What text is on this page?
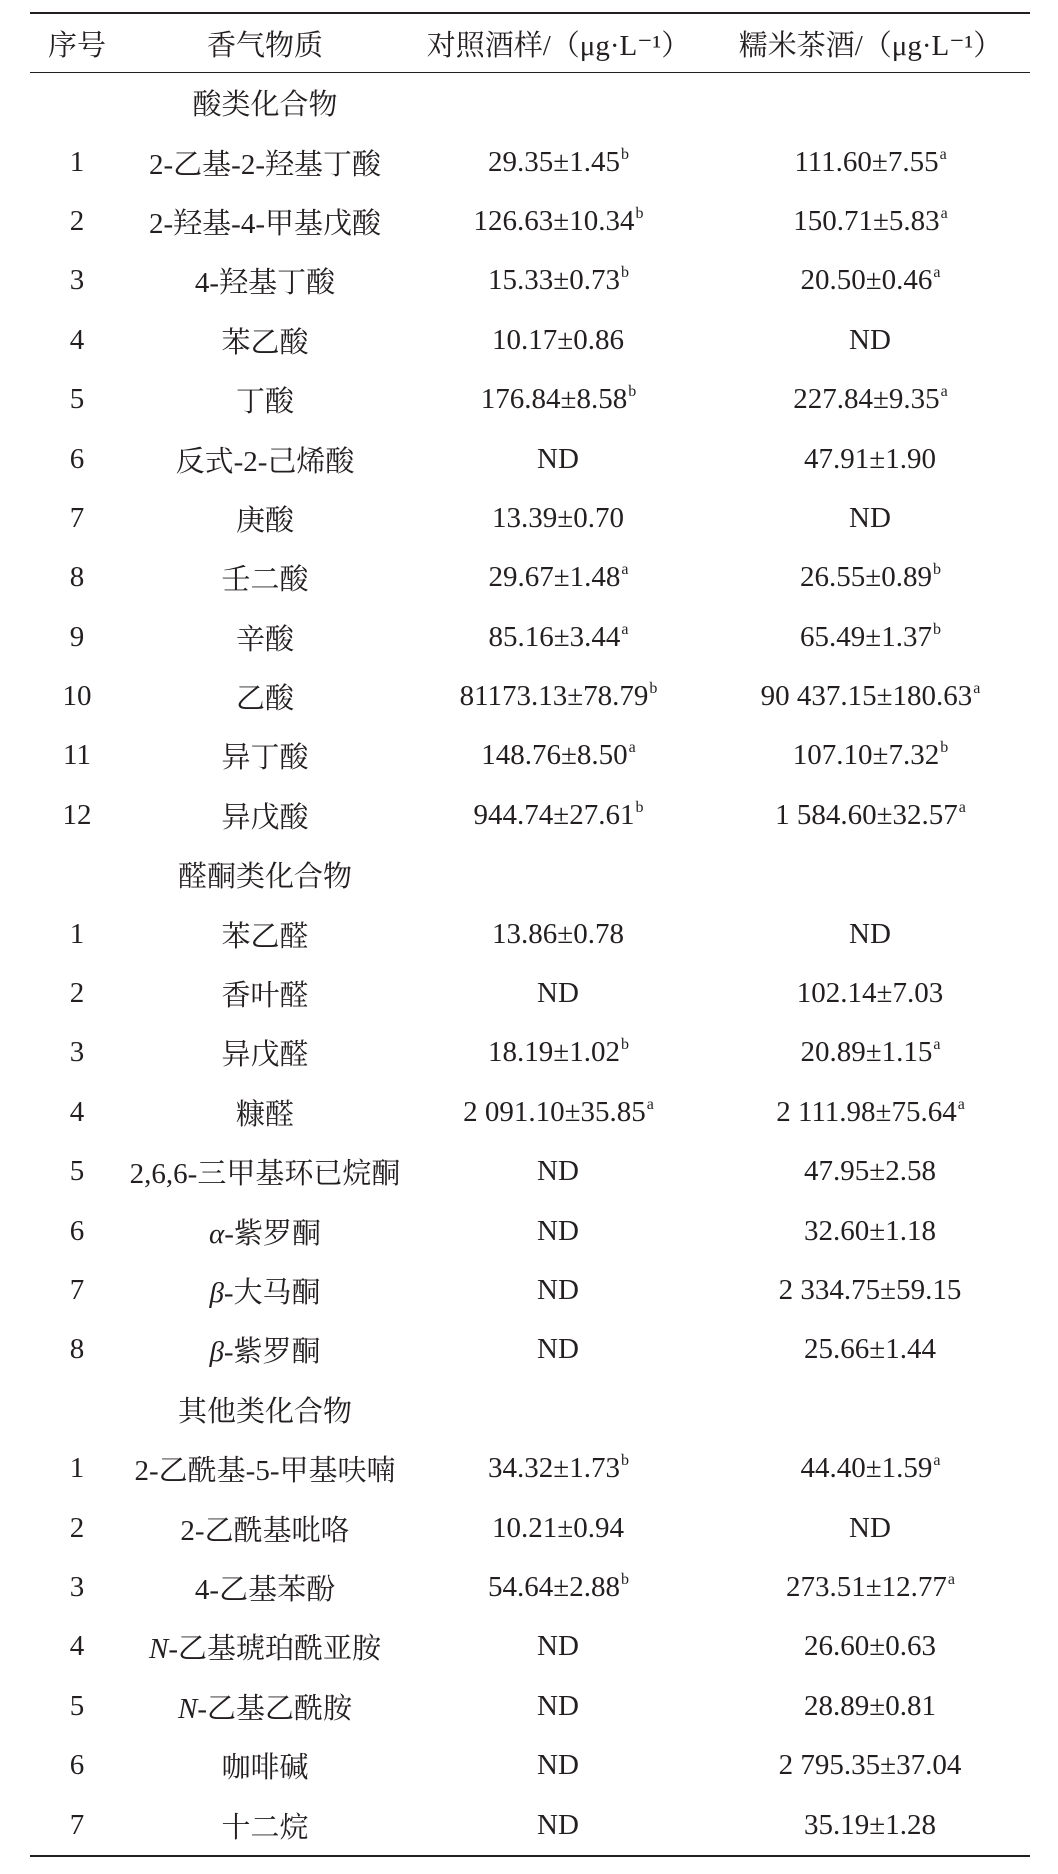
序号	香气物质	对照酒样/（μg·L⁻¹）	糯米茶酒/（μg·L⁻¹）
	酸类化合物		
1	2-乙基-2-羟基丁酸	29.35±1.45$^b$	111.60±7.55$^a$
2	2-羟基-4-甲基戊酸	126.63±10.34$^b$	150.71±5.83$^a$
3	4-羟基丁酸	15.33±0.73$^b$	20.50±0.46$^a$
4	苯乙酸	10.17±0.86	ND
5	丁酸	176.84±8.58$^b$	227.84±9.35$^a$
6	反式-2-己烯酸	ND	47.91±1.90
7	庚酸	13.39±0.70	ND
8	壬二酸	29.67±1.48$^a$	26.55±0.89$^b$
9	辛酸	85.16±3.44$^a$	65.49±1.37$^b$
10	乙酸	81173.13±78.79$^b$	90 437.15±180.63$^a$
11	异丁酸	148.76±8.50$^a$	107.10±7.32$^b$
12	异戊酸	944.74±27.61$^b$	1 584.60±32.57$^a$
	醛酮类化合物		
1	苯乙醛	13.86±0.78	ND
2	香叶醛	ND	102.14±7.03
3	异戊醛	18.19±1.02$^b$	20.89±1.15$^a$
4	糠醛	2 091.10±35.85$^a$	2 111.98±75.64$^a$
5	2,6,6-三甲基环已烷酮	ND	47.95±2.58
6	α-紫罗酮	ND	32.60±1.18
7	β-大马酮	ND	2 334.75±59.15
8	β-紫罗酮	ND	25.66±1.44
	其他类化合物		
1	2-乙酰基-5-甲基呋喃	34.32±1.73$^b$	44.40±1.59$^a$
2	2-乙酰基吡咯	10.21±0.94	ND
3	4-乙基苯酚	54.64±2.88$^b$	273.51±12.77$^a$
4	N-乙基琥珀酰亚胺	ND	26.60±0.63
5	N-乙基乙酰胺	ND	28.89±0.81
6	咖啡碱	ND	2 795.35±37.04
7	十二烷	ND	35.19±1.28
